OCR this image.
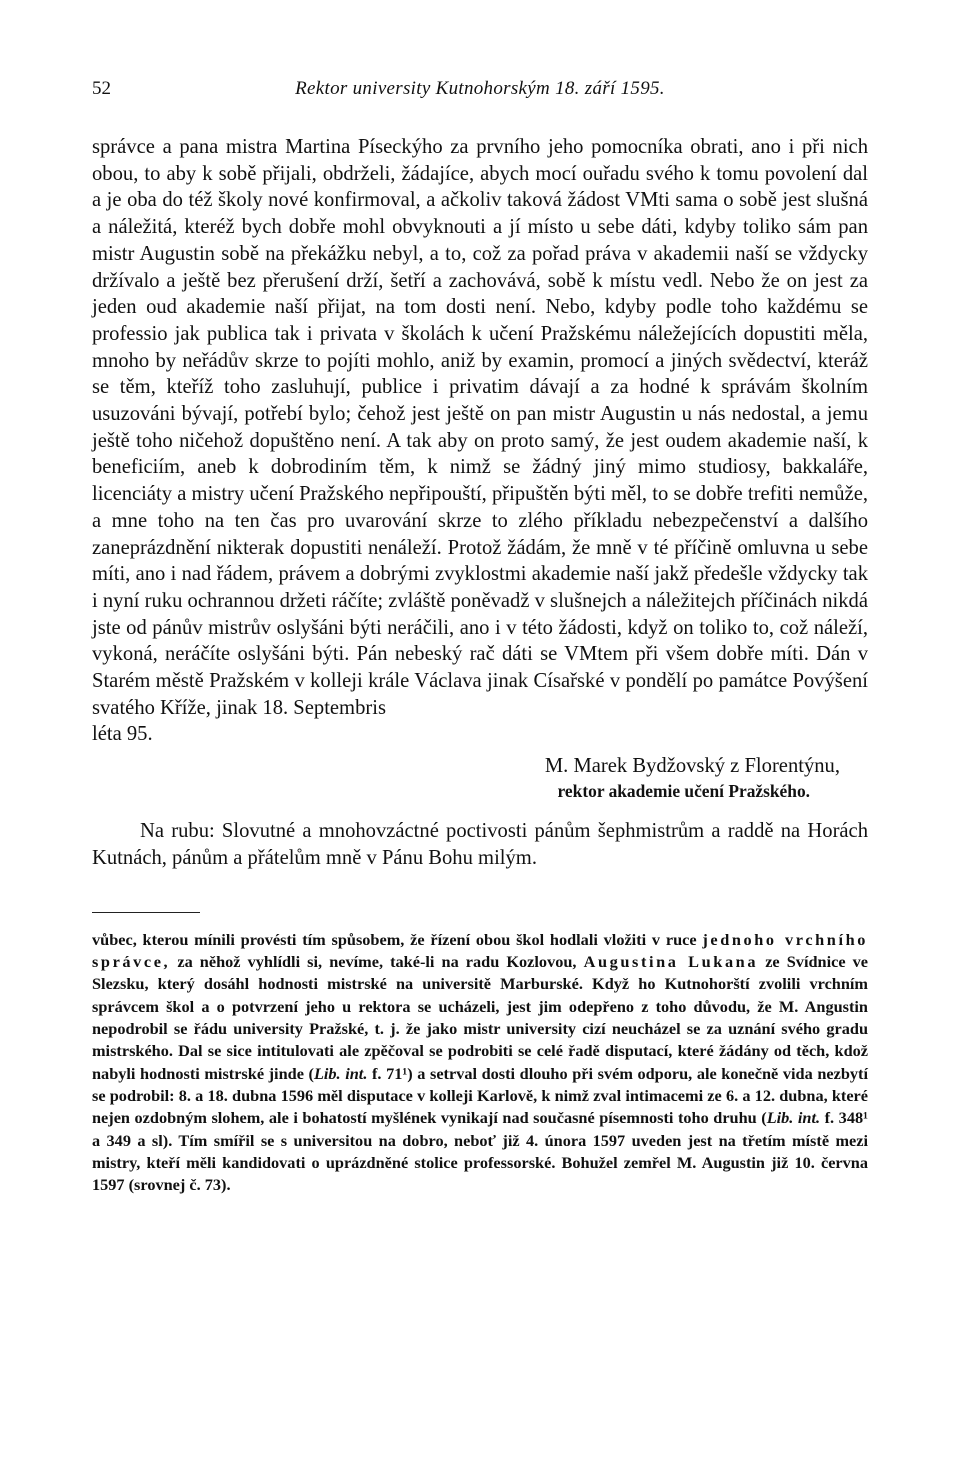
52	Rektor university Kutnohorským 18. září 1595.

správce a pana mistra Martina Píseckýho za prvního jeho pomocníka obrati, ano i při nich obou, to aby k sobě přijali, obdrželi, žádajíce, abych mocí ouřadu svého k tomu povolení dal a je oba do též školy nové konfirmoval, a ačkoliv taková žádost VMti sama o sobě jest slušná a náležitá, kteréž bych dobře mohl obvyknouti a jí místo u sebe dáti, kdyby toliko sám pan mistr Augustin sobě na překážku nebyl, a to, což za pořad práva v akademii naší se vždycky držívalo a ještě bez přerušení drží, šetří a zachovává, sobě k místu vedl. Nebo že on jest za jeden oud akademie naší přijat, na tom dosti není. Nebo, kdyby podle toho každému se professio jak publica tak i privata v školách k učení Pražskému náležejících dopustiti měla, mnoho by neřádův skrze to pojíti mohlo, aniž by examin, promocí a jiných svědectví, kteráž se těm, kteříž toho zasluhují, publice i privatim dávají a za hodné k správám školním usuzováni bývají, potřebí bylo; čehož jest ještě on pan mistr Augustin u nás nedostal, a jemu ještě toho ničehož dopuštěno není. A tak aby on proto samý, že jest oudem akademie naší, k beneficiím, aneb k dobrodiním těm, k nimž se žádný jiný mimo studiosy, bakkaláře, licenciáty a mistry učení Pražského nepřipouští, připuštěn býti měl, to se dobře trefiti nemůže, a mne toho na ten čas pro uvarování skrze to zlého příkladu nebezpečenství a dalšího zaneprázdnění nikterak dopustiti nenáleží. Protož žádám, že mně v té příčině omluvna u sebe míti, ano i nad řádem, právem a dobrými zvyklostmi akademie naší jakž předešle vždycky tak i nyní ruku ochrannou držeti ráčíte; zvláště poněvadž v slušnejch a náležitejch příčinách nikdá jste od pánův mistrův oslyšáni býti neráčili, ano i v této žádosti, když on toliko to, což náleží, vykoná, neráčíte oslyšáni býti. Pán nebeský rač dáti se VMtem při všem dobře míti. Dán v Starém městě Pražském v kolleji krále Václava jinak Císařské v pondělí po památce Povýšení svatého Kříže, jinak 18. Septembris

léta 95.

M. Marek Bydžovský z Florentýnu,
rektor akademie učení Pražského.
Na rubu: Slovutné a mnohovzáctné poctivosti pánům šephmistrům a raddě na Horách Kutnách, pánům a přátelům mně v Pánu Bohu milým.
vůbec, kterou mínili provésti tím spůsobem, že řízení obou škol hodlali vložiti v ruce jednoho vrchního správce, za něhož vyhlídli si, nevíme, také-li na radu Kozlovou, Augustina Lukana ze Svídnice ve Slezsku, který dosáhl hodnosti mistrské na universitě Marburské. Když ho Kutnohorští zvolili vrchním správcem škol a o potvrzení jeho u rektora se ucházeli, jest jim odepřeno z toho důvodu, že M. Angustin nepodrobil se řádu university Pražské, t. j. že jako mistr university cizí neucházel se za uznání svého gradu mistrského. Dal se sice intitulovati ale zpěčoval se podrobiti se celé řadě disputací, které žádány od těch, kdož nabyli hodnosti mistrské jinde (Lib. int. f. 71¹) a setrval dosti dlouho při svém odporu, ale konečně vida nezbytí se podrobil: 8. a 18. dubna 1596 měl disputace v kolleji Karlově, k nimž zval intimacemi ze 6. a 12. dubna, které nejen ozdobným slohem, ale i bohatostí myšlének vynikají nad současné písemnosti toho druhu (Lib. int. f. 348¹ a 349 a sl). Tím smířil se s universitou na dobro, neboť již 4. února 1597 uveden jest na třetím místě mezi mistry, kteří měli kandidovati o uprázdněné stolice professorské. Bohužel zemřel M. Augustin již 10. června 1597 (srovnej č. 73).
